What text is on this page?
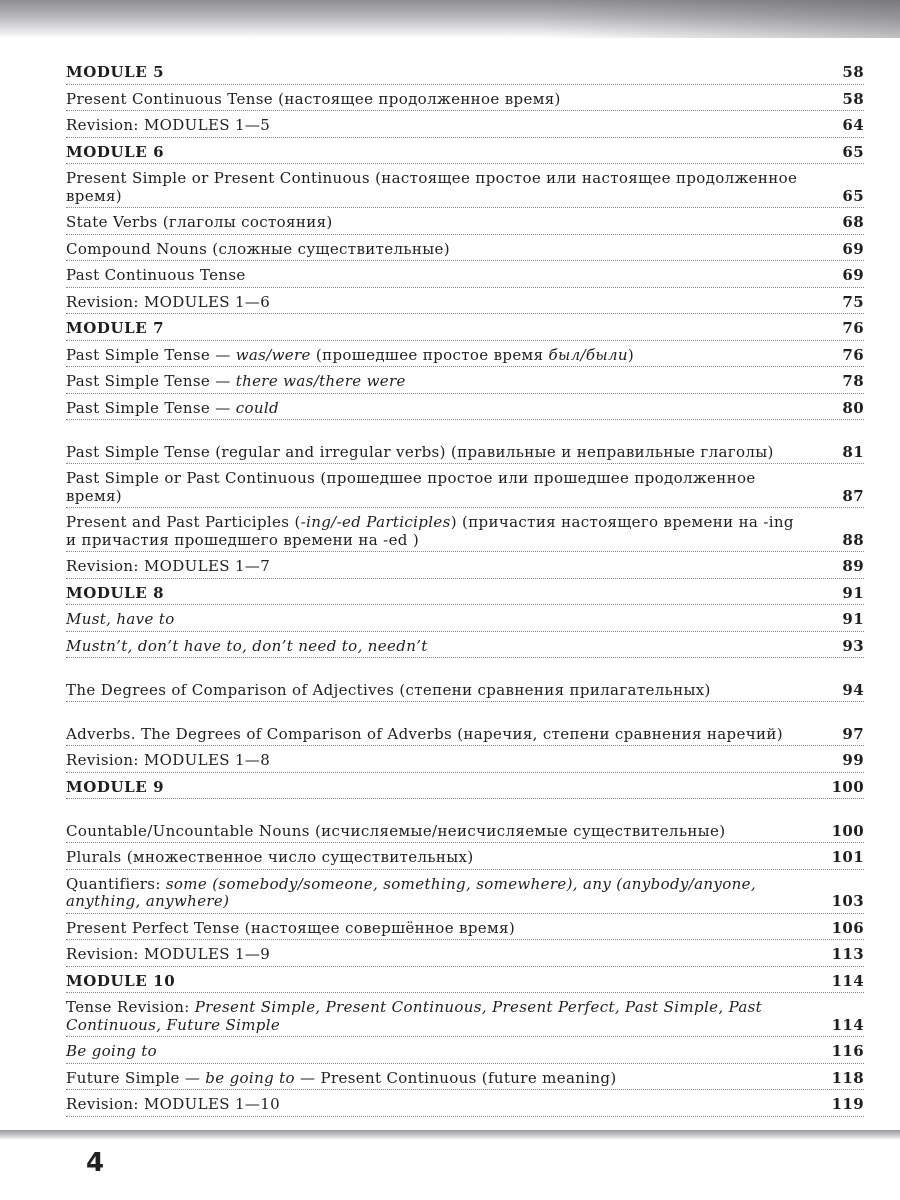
MODULE 5	58
Present Continuous Tense (настоящее продолженное время)	58
Revision: MODULES 1—5	64
MODULE 6	65
Present Simple or Present Continuous (настоящее простое или настоящее продолженное время)	65
State Verbs (глаголы состояния)	68
Compound Nouns (сложные существительные)	69
Past Continuous Tense	69
Revision: MODULES 1—6	75
MODULE 7	76
Past Simple Tense — was/were (прошедшее простое время был/были)	76
Past Simple Tense — there was/there were	78
Past Simple Tense — could	80
Past Simple Tense (regular and irregular verbs) (правильные и неправильные глаголы)	81
Past Simple or Past Continuous (прошедшее простое или прошедшее продолженное время)	87
Present and Past Participles (-ing/-ed Participles) (причастия настоящего времени на -ing и причастия прошедшего времени на -ed )	88
Revision: MODULES 1—7	89
MODULE 8	91
Must, have to	91
Mustn’t, don’t have to, don’t need to, needn’t	93
The Degrees of Comparison of Adjectives (степени сравнения прилагательных)	94
Adverbs. The Degrees of Comparison of Adverbs (наречия, степени сравнения наречий)	97
Revision: MODULES 1—8	99
MODULE 9	100
Countable/Uncountable Nouns (исчисляемые/неисчисляемые существительные)	100
Plurals (множественное число существительных)	101
Quantifiers: some (somebody/someone, something, somewhere), any (anybody/anyone, anything, anywhere)	103
Present Perfect Tense (настоящее совершённое время)	106
Revision: MODULES 1—9	113
MODULE 10	114
Tense Revision: Present Simple, Present Continuous, Present Perfect, Past Simple, Past Continuous, Future Simple	114
Be going to	116
Future Simple — be going to — Present Continuous (future meaning)	118
Revision: MODULES 1—10	119
4
